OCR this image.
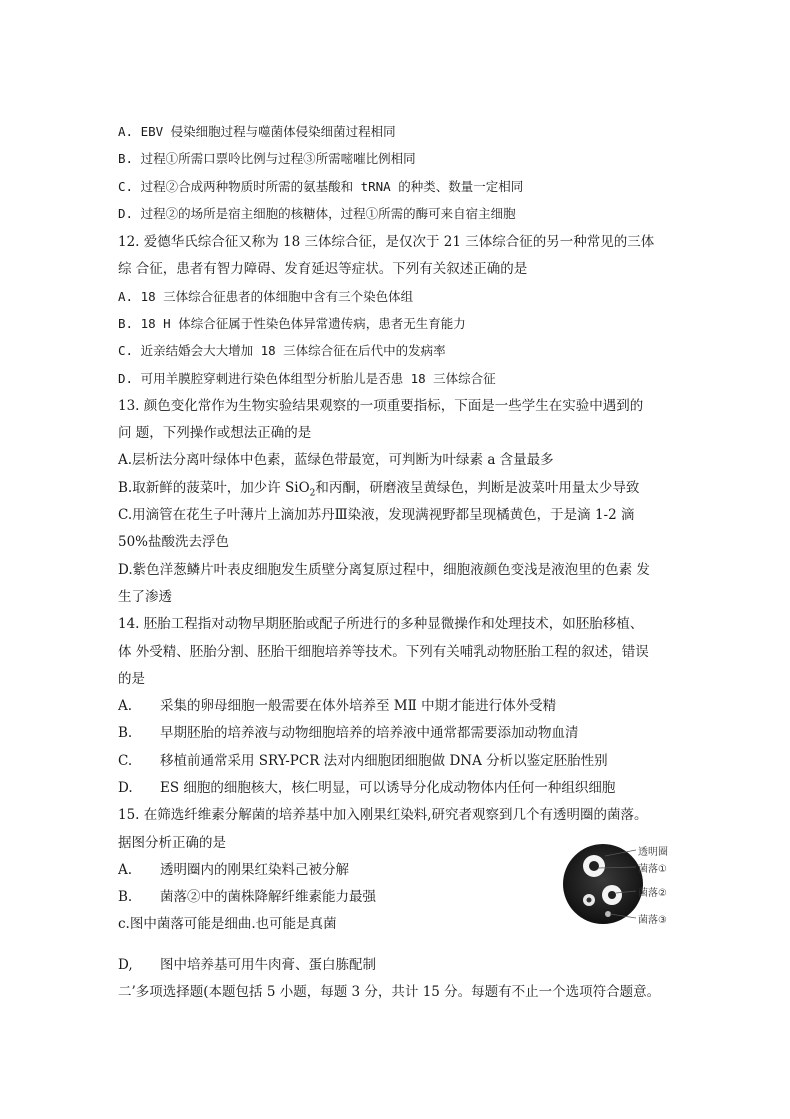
A. EBV 侵染细胞过程与噬菌体侵染细菌过程相同
B. 过程①所需口票呤比例与过程③所需嘧嗺比例相同
C. 过程②合成两种物质时所需的氨基酸和 tRNA 的种类、数量一定相同
D. 过程②的场所是宿主细胞的核糖体，过程①所需的酶可来自宿主细胞
12. 爱德华氏综合征又称为 18 三体综合征，是仅次于 21 三体综合征的另一种常见的三体
综 合征，患者有智力障碍、发育延迟等症状。下列有关叙述正确的是
A. 18 三体综合征患者的体细胞中含有三个染色体组
B. 18 H 体综合征属于性染色体异常遗传病，患者无生育能力
C. 近亲结婚会大大增加 18 三体综合征在后代中的发病率
D. 可用羊膜腔穿刺进行染色体组型分析胎儿是否患 18 三体综合征
13. 颜色变化常作为生物实验结果观察的一项重要指标，下面是一些学生在实验中遇到的
问 题，下列操作或想法正确的是
A.层析法分离叶绿体中色素，蓝绿色带最宽，可判断为叶绿素 a 含量最多
B.取新鲜的菠菜叶，加少许 SiO$_2$和丙酮，研磨液呈黄绿色，判断是波菜叶用量太少导致
C.用滴管在花生子叶薄片上滴加苏丹Ⅲ染液，发现满视野都呈现橘黄色，于是滴 1-2 滴
50%盐酸洗去浮色
D.紫色洋葱鳞片叶表皮细胞发生质壁分离复原过程中，细胞液颜色变浅是液泡里的色素 发
生了渗透
14. 胚胎工程指对动物早期胚胎或配子所进行的多种显微操作和处理技术，如胚胎移植、
体 外受精、胚胎分割、胚胎干细胞培养等技术。下列有关哺乳动物胚胎工程的叙述，错误
的是
A. 采集的卵母细胞一般需要在体外培养至 MⅡ 中期才能进行体外受精
B. 早期胚胎的培养液与动物细胞培养的培养液中通常都需要添加动物血清
C. 移植前通常采用 SRY-PCR 法对内细胞团细胞做 DNA 分析以鉴定胚胎性别
D. ES 细胞的细胞核大，核仁明显，可以诱导分化成动物体内任何一种组织细胞
15. 在筛选纤维素分解菌的培养基中加入刚果红染料,研究者观察到几个有透明圈的菌落。
据图分析正确的是
A. 透明圈内的刚果红染料己被分解
B. 菌落②中的菌株降解纤维素能力最强
c.图中菌落可能是细曲.也可能是真菌
D, 图中培养基可用牛肉膏、蛋白胨配制
二’多项选择题(本题包括 5 小题，每题 3 分，共计 15 分。每题有不止一个选项符合题意。
透明圈
菌落①
菌落②
菌落③
